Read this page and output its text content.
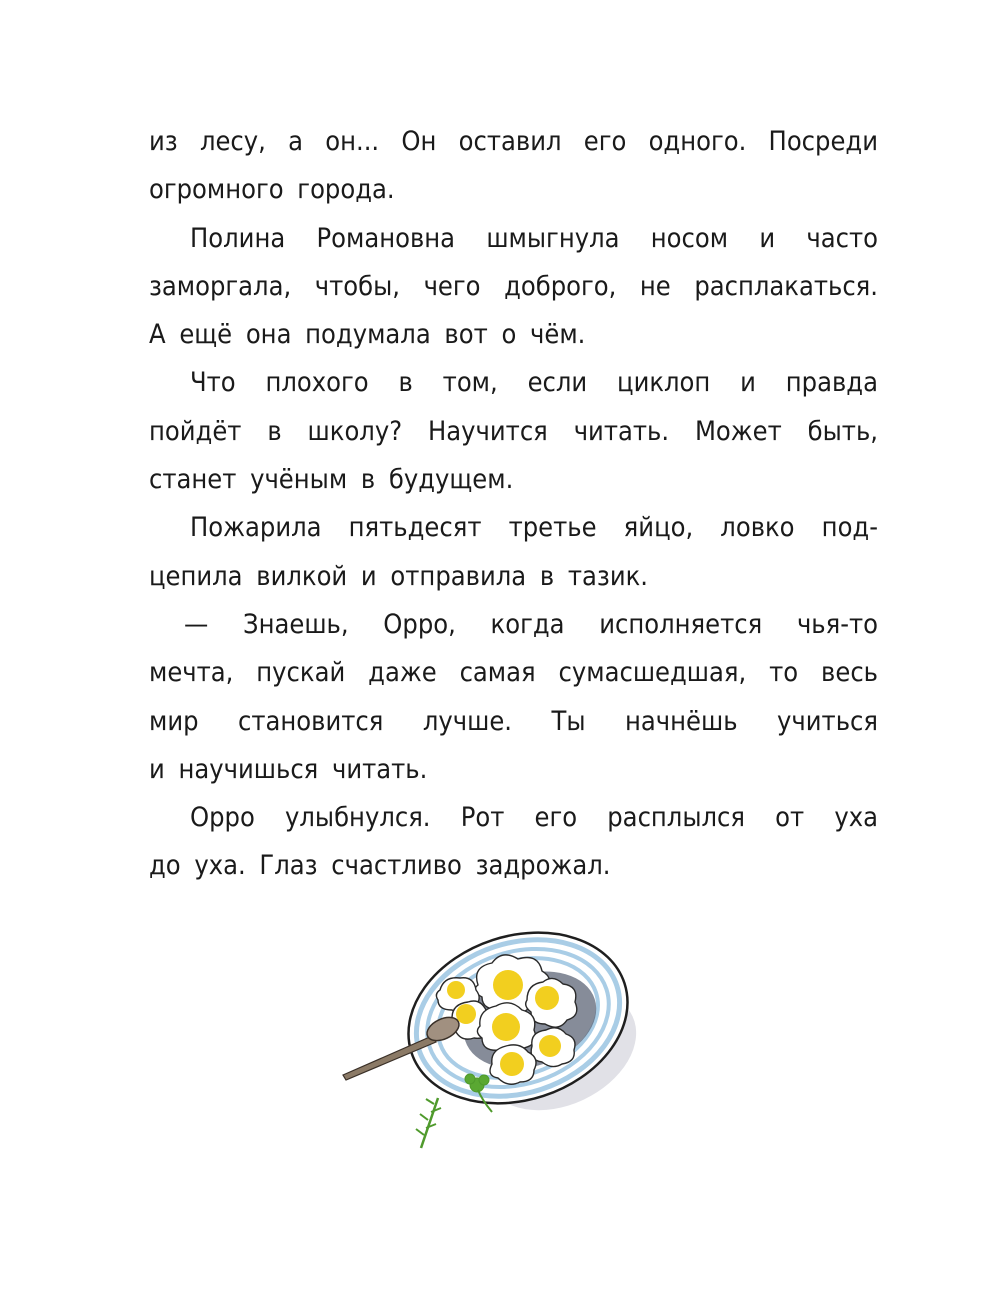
из лесу, а он... Он оставил его одного. Посреди
огромного города.

Полина Романовна шмыгнула носом и часто
заморгала, чтобы, чего доброго, не расплакаться.
А ещё она подумала вот о чём.

Что плохого в том, если циклоп и правда
пойдёт в школу? Научится читать. Может быть,
станет учёным в будущем.

Пожарила пятьдесят третье яйцо, ловко под-
цепила вилкой и отправила в тазик.

— Знаешь, Орро, когда исполняется чья-то
мечта, пускай даже самая сумасшедшая, то весь
мир становится лучше. Ты начнёшь учиться
и научишься читать.

Орро улыбнулся. Рот его расплылся от уха
до уха. Глаз счастливо задрожал.
